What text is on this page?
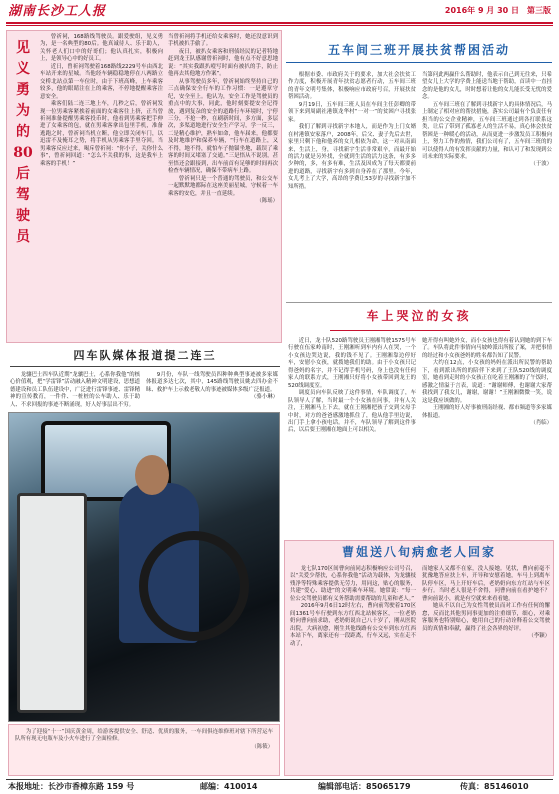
湖南长沙工人报	2016年 9 月 30 日　第三版
见义勇为的80后驾驶员

曾祈祠，168路线驾驶员。跟爱驶组，见义勇为，是一名典型的80后。他真诚待人、乐于助人，关怀老人们口中的好哥们；他认真扎实，积极向上，是领导心中的好员工。

近日，曾祈祠驾驶着168路线2229号车由西北车站开来的星城。当他经车辆稳稳地停在八两路立交桥北站点第一车位时，由于下班高峰，上车乘客较多，他的眼睛注在上的乘客，不停地提醒乘客注意安全。

乘客们陆二连三地上车，几秒之后，曾祈祠发现一位男乘客紧挨着前面的女乘客往上挤，正当曾祈祠准备提醒男乘客投币时，他看到男乘客把手伸进了女乘客的包，就在男乘客拿出包里手机，准备逃跑之时，曾祈祠当机立断，他立即关闭车门，以迅雷不及掩耳之势，将手机从男乘客手里夺回。当男乘客反应过来，喝斥曾祈祠：“你小子，关你什么事”，曾祈祠回道：“怎么不关我的事，这是我车上乘客的手机！”

当曾祈祠将手机还给女乘客时，她还没意识到手机被扒手偷了。

夜日，被扒女乘客和刑侦经民的记者特地赶到龙王队感谢曾祈祠时，他有点不好意思地说：“其实我跟扒噎写时面有被扒的手，防止他再去其他地方作案”。

从事驾驶员多年，曾祈祠始终坚持自己的三点确保安全行车的工作习惯：一是遵章守纪，安全至上。他认为，安全工作是驾驶员的重点中的大事，同此，他时刻要提安全记得放，遇到复杂的安全的道路行车环境时，宁停三分，不抢一秒，在刷新时间，多方面，多层次，多渠道地进行安全生产学习，学一反三，二是精心维护，熟车如命，他车届来，他都要及时地维护和保养车辆，“行车在道路上，又不得，地不得，就怕车子抛锚坐地，载误了乘客的时间又堵塞了交通。”三是悟从不说别，甚至悟还会跟接到，出车前首有足够的时间再次检查车辆情况，确保不带病车上路。

曾祈祠只是一个普通的驾驶员，和公交车一起默默地都际在这座美丽星城，守候着一车乘客的安危，并且一直延续。

（陈瑶）

四车队媒体报道提二连三

龙骧巴士四车队近期“龙骧巴士，心系你我他”的核心价值观，把“学雷锋”活动融入精神文明建设，思想道德建设和员工队伍建设中，广泛进行雷锋事迹、雷锋精神的宣传教育，一件件、一桩桩的公车助人、乐于助人、不求回报的事迹不断涌现，好人好事层出不穷。

9月份，车队一线驾驶员四种种典型事迹被多家媒体报道多达七次，其中，145路线驾驶员姚去四办金不昧、救护车上示救老敬人的事迹被媒体多级广泛报道。

（骆小琳）

为了迎接“十一”国庆黄金周，给游客提供安全、舒适、优质的服务，一车间俱连维修班对辖下所营运车队所有现无电瓶车及小火车进行了全面检修。

（陈筱）

五车间三班开展扶贫帮困活动

根据市委、市政府关于的要求，加大社会扶贫工作力度，积极开展青年扶贫志愿者行动，五车间三班的青年文明号集体，积极响应市政府号召，开展扶贫帮困活动。

9月19日，五车间三班人员在车间主任彭卿的带领下来到周副社港镇龙华村“一对一”的贫困户寻找张家。

我们了解到寻找新宇本地人，而是作为上门女婿在村港镇安家落户，2008年，后父、妻子先后去世，家里只剩下他和他养的女儿相依为命，这一对从南面来，生活上，身，寻找新宇生活非常艰辛，而最开始的活力就是另外找，全就到生活的活力这条，有多多少种的，多，有多有难，生活及因成为了每天都要前进的道路，寻找新宇有多到自身养在了那里。今年，女儿考上了大学，高昂的学费让53岁的寻找新宇加不知所措。

当第问此两赢什么帮助时，他表示自己到无往来，只希望女儿上大学的学费上能送当地于帮助，首读中一直挂念的是他的女儿，时时想着让他的女儿能长受无忧的爱念。

五车间三班在了解到寻找新宇人的具体情况后，马上制定了相对应的帮扶措施，落实公司最有个负责任有担当的公交企业精神，五车间三班通过到各打联系这类，让后了带到了孤寡老人的生活不易，真心体会扶贫帮困是一种暖心的活动，从而更进一步激发员工积极向上，努力工作的热情，我们公司有了，五车间三班的的可以使得人的有发挥贡献的力量，和认可了和发现到公司未来的实际要求。

（于波）

车上哭泣的女孩

近日，龙十队520路驾驶员王刚湘驾驶1575号车行驶在伍家岭南时，王刚湘听到车内有人在哭，一个小女孩边哭边说，我的钱不见了。王刚湘靠边停好车，安慰小女孩，就拨她我们的助。由于小女孩只记得爸妈的名字，并不记得手机号码，身上也没有任何家人的联系方式，王刚湘只好将小女孩带回到龙王的520线调度室。

调度员向车队反映了这件事情，车队调度了，车队领导人了解，当时最一个小女孩在问事，并有人关注，王刚湘马上下去，就在王刚湘把孩子交到父母手中时，对方的爸爸感激地抓住了，他从他手里边说，出门手上拿小孩电话。并不，车队领导了解到这件事后，以后要王刚湘在地面上可以相关。

她开得有叫她外女，而小女孩也得有着认到她的到下车了。车队将此件事情向马坡岭派出所报了案，并把事情的经过和小女孩爸妈的姓名都告知了民警。

大约在12点，小女孩的妈妈在派出所民警的帮助下，看到派出所的的陪伴下来到了王队520线的调度室，她看到走时的小女孩正在吃着王刚湘的了午饭时，感激之情溢于言表，说道：“谢谢师傅，也谢谢大家帮我找到了我女儿，谢谢，谢谢！”王刚湘微微一笑，说这是我应该做的。

王刚湘的好人好事被刑南经视、都市频道等多家媒体报道。

（肖临）

曹姐送八旬病愈老人回家

龙七队170区间曹向前同志积极响应公司号召，以“关爱少帮扶，心系你我他”活动为载体，为龙骧枝残净等特殊乘客提供无劳力，用同这，贴心的服务，共建“爱心、助进”的文明乘车环境。她常说：“每一位公交驾驶员都有义务帮助需要帮助的儿童和老人。”

2016年9月6日12时左右，曹向前驾驶着170区间1361号车行驶到东方红西北站候客区，一位老奶奶向曹向前求助，老奶奶说自己八十岁了，刚从医院出院，大病初愈，刚生其他线路有公交车到东方红西本站下车，离家还有一段距离，行车又远，实在走不动了，

而她家人又都不在家，没人接她。见状，曹向前毫不犹豫地答应扶上车，开导和安慰着她，车马上到离车队停车区，马上开好车后，老奶奶向东方红站与车区步行。当时老人很是不舍得，问曹向前在看护她不？曹向前说小，就是有空就来来看看她。

她从不以自己为女性驾驶员而对工作有任何的懈怠，反而比其他男同事更加的注重细节，细心，对乘客服务也特别贴心，她用自己的行动诠释着公交驾驶员的真情和奉献，赢得了社会各界的好评。

（李颖）

本报地址：长沙市香樟东路 159 号	邮编：410014	编辑部电话：85065179	传真：85146010
